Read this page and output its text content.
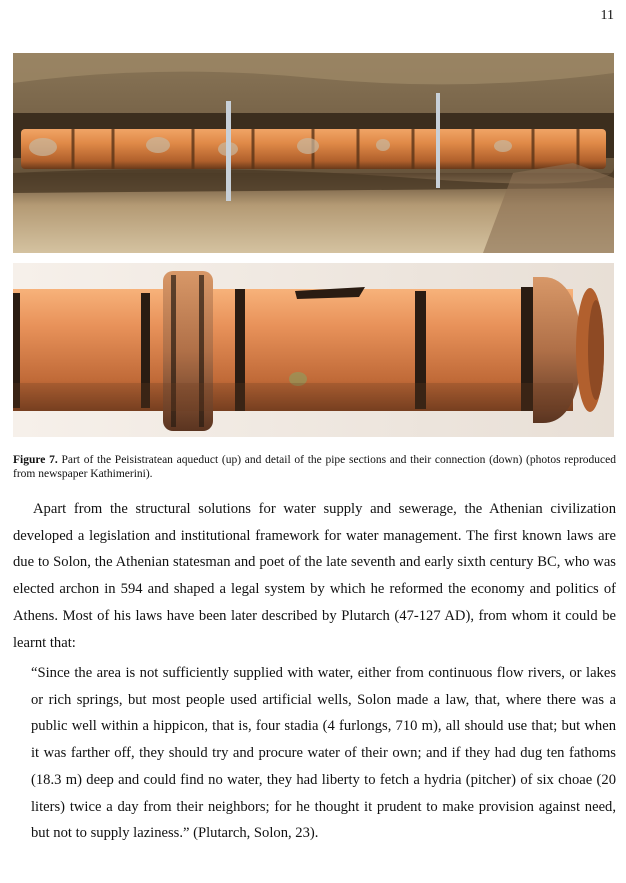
11
Figure 7. Part of the Peisistratean aqueduct (up) and detail of the pipe sections and their connection (down) (photos reproduced from newspaper Kathimerini).

Apart from the structural solutions for water supply and sewerage, the Athenian civilization developed a legislation and institutional framework for water management. The first known laws are due to Solon, the Athenian statesman and poet of the late seventh and early sixth century BC, who was elected archon in 594 and shaped a legal system by which he reformed the economy and politics of Athens. Most of his laws have been later described by Plutarch (47-127 AD), from whom it could be learnt that:

“Since the area is not sufficiently supplied with water, either from continuous flow rivers, or lakes or rich springs, but most people used artificial wells, Solon made a law, that, where there was a public well within a hippicon, that is, four stadia (4 furlongs, 710 m), all should use that; but when it was farther off, they should try and procure water of their own; and if they had dug ten fathoms (18.3 m) deep and could find no water, they had liberty to fetch a hydria (pitcher) of six choae (20 liters) twice a day from their neighbors; for he thought it prudent to make provision against need, but not to supply laziness.” (Plutarch, Solon, 23).
